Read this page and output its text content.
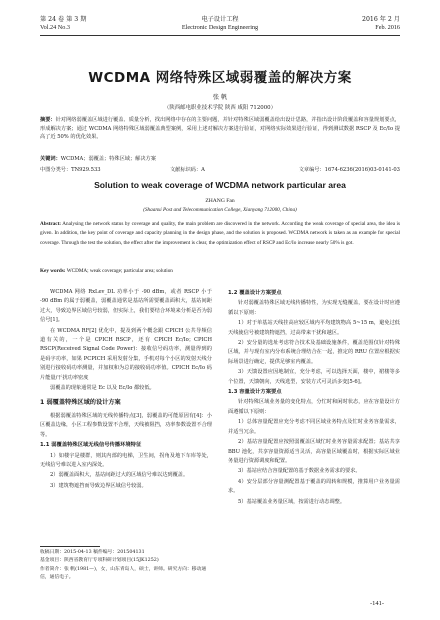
第 24 卷 第 3 期
Vol.24 No.3
电子设计工程
Electronic Design Engineering
2016 年 2 月
Feb. 2016
WCDMA 网络特殊区域弱覆盖的解决方案
张 帆
（陕西邮电职业技术学院 陕西 咸阳 712000）
摘要：针对网络弱覆盖区域进行覆盖、质量分析，找出网络中存在的主要问题，并针对特殊区域弱覆盖给出设计思路，并指出设计阶段覆盖和容量规划要点，形成解决方案；通过 WCDMA 网络特殊区域弱覆盖典型案例，采用上述对解决方案进行验证，对网络实际效果进行验证，得到测试数据 RSCP 及 Ec/Io 提高了近 50% 的优化效果。
关键词：WCDMA；弱覆盖；特殊区域；解决方案
中图分类号：TN929.533	文献标识码：A	文章编号：1674-6236(2016)03-0141-03
Solution to weak coverage of WCDMA network particular area
ZHANG Fan
(Shaanxi Post and Telecommunication College, Xianyang 712000, China)
Abstract: Analysing the network status by coverage and quality, the main problem are discovered in the network. According the weak coverage of special area, the idea is given. In addition, the key point of coverage and capacity planning in the design phase, and the solution is proposed. WCDMA network is taken as an example for special coverage. Through the test the solution, the effect after the improvement is clear, the optimization effect of RSCP and Ec/Io increase nearly 50% is got.
Key words: WCDMA; weak coverage; particular area; solution

WCDMA 网络 RxLev_DL 功率小于 -90 dBm，或者 RSCP 小于 -90 dBm 的属于弱覆盖，弱覆盖通常是基站所需要覆盖面积大，基站间距过大，导致边界区域信号较弱，但实际上，我们要结合环境来分析是否为弱信号[1]。

在 WCDMA RF[2] 优化中，提及到两个概念跟 CPICH 公共导频信道有关的，一个是 CPICH RSCP，还有 CPICH Ec/Io；CPICH RSCP(Received Signal Code Power)：接收信号码功率，测量得到的是码字功率，如果 PCPICH 采用发射分集，手机对每个小区的发射天线分别进行接收码功率测量，并加权和为总的接收码功率值。CPICH Ec/Io 码片能量/干扰功率密度

弱覆盖的现象通常是 Ec 以及 Ec/Io 都较低。

1 弱覆盖特殊区域的设计方案

根据弱覆盖特殊区域的无线传播特点[3]，弱覆盖的可能原因有[4]：小区覆盖边缘，小区工程参数设置不合理，天线被阻挡，功率参数设置不合理等。

1.1 弱覆盖特殊区域无线信号传播环境特征

1）如楼宇是楼群，则其内部的电梯，卫生间，拐角及地下车库等处，无线信号难以进入室内深处。

2）弱覆盖面积大，基站间距过大的区域信号难以达到覆盖。

3）建筑物遮挡而导致边界区域信号较弱。

1.2 覆盖设计方案要点

针对弱覆盖特殊区域无线传播特性，为实现无缝覆盖，要在设计时应遵循以下原则：

1）对于单基站天线挂高应较区域内平均建筑物高 5~15 m，避免过低天线使信号被建筑物遮挡，过高带来干扰和越区。

2）安分量的选址考虑符合技术及基础设施条件，覆盖范围仅针对特殊区域，并与现有室内分布系统合理结合在一起，推定的 RRU 位置应根据实际场景进行确定，提供足够室内覆盖。

3）天馈设置应因地制宜，充分考虑，可以选择天面，楼中，裙楼等多个位置，天馈朝向，天线选型，安装方式可灵活多变[5-6]。

1.3 容量设计方案要点

针对特殊区域业务量的变化特点，分忙时和闲时状态，应在容量设计方面遵循以下原则：

1）总体容量配置应充分考虑不同区域业务特点及忙时业务容量需求，并适当冗余。

2）基站容量配置应按照弱覆盖区域忙时业务容量需求配置；基站共享 BBU 池化，共享容量资源适当灵活，高容量区域覆盖时，根据实际区域业务量进行资源调度和配置。

3）基站应结合容量配置的基于数据业务需求的要求。

4）安分层部分容量测配置基于覆盖的周转和规模，推算用户业务量需求。

5）基站覆盖业务量区域，按需进行动态调整。

收稿日期：2015-04-13 稿件编号：201504131
基金项目：陕西省教育厅专项科研计划项目(15JK1252)
作者简介：张 帆(1981—)，女，山东青岛人，硕士，讲师。研究方向：移动通信，通信电子。
-141-
